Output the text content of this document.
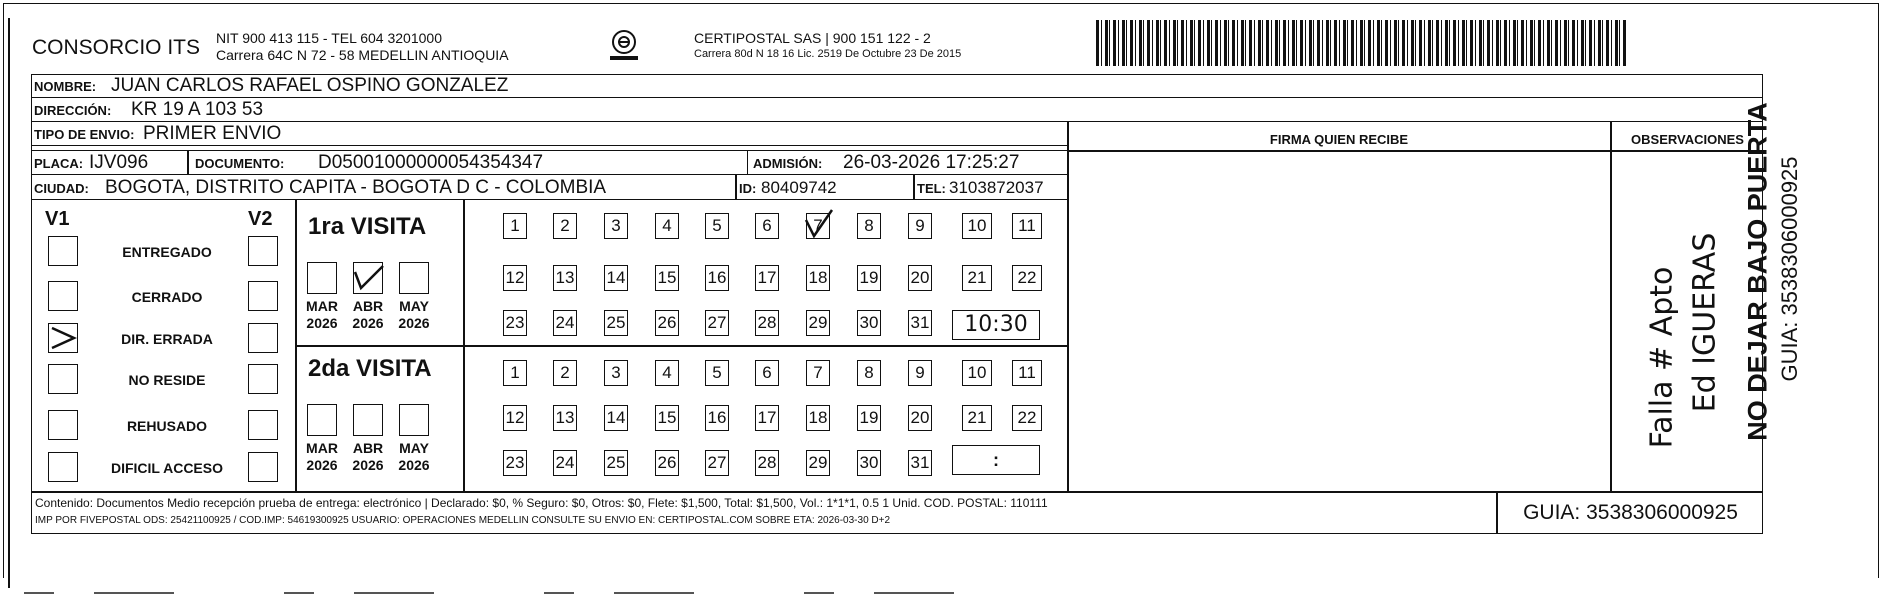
CONSORCIO ITS NIT 900 413 115 - TEL 604 3201000
Carrera 64C N 72 - 58 MEDELLIN ANTIOQUIA
CERTIPOSTAL SAS | 900 151 122 - 2
Carrera 80d N 18 16 Lic. 2519 De Octubre 23 De 2015
NOMBRE: JUAN CARLOS RAFAEL OSPINO GONZALEZ
DIRECCIÓN: KR 19 A 103 53
FIRMA QUIEN RECIBE	OBSERVACIONES
TIPO DE ENVIO: PRIMER ENVIO
PLACA: IJV096	DOCUMENTO: D05001000000054354347	ADMISIÓN: 26-03-2026 17:25:27
CIUDAD: BOGOTA, DISTRITO CAPITA - BOGOTA D C - COLOMBIA	ID: 80409742	TEL: 3103872037
V1	V2
ENTREGADO
CERRADO
DIR. ERRADA
NO RESIDE
REHUSADO
DIFICIL ACCESO
1ra VISITA
2da VISITA
MAR
2026
ABR
2026
MAY
2026
MAR
2026
ABR
2026
MAY
2026
1	2	3	4	5	6	7	8	9	10	11
12 13 14 15 16 17 18 19 20	21	22
23 24 25 26 27 28 29 30 31
1	2	3	4	5	6	7	8	9	10	11
12 13 14 15 16 17 18 19 20	21	22
23 24 25 26 27 28 29 30 31
10:30
:
Falla # Apto Ed IGUERAS
Contenido: Documentos Medio recepción prueba de entrega: electrónico | Declarado: $0, % Seguro: $0, Otros: $0, Flete: $1,500, Total: $1,500, Vol.: 1*1*1, 0.5 1 Unid. COD. POSTAL: 110111
IMP POR FIVEPOSTAL ODS: 25421100925 / COD.IMP: 54619300925 USUARIO: OPERACIONES MEDELLIN CONSULTE SU ENVIO EN: CERTIPOSTAL.COM SOBRE ETA: 2026-03-30 D+2	GUIA: 3538306000925
NO DEJAR BAJO PUERTA GUIA: 3538306000925
